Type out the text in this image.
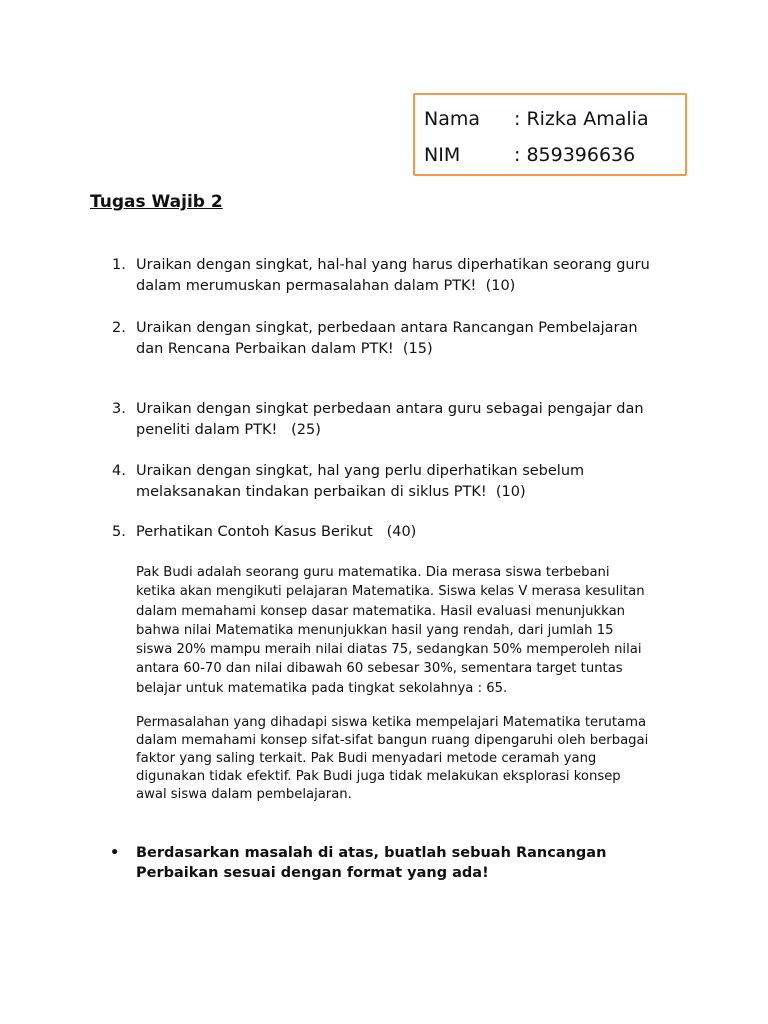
Nama : Rizka Amalia
NIM	: 859396636
Tugas Wajib 2
1. Uraikan dengan singkat, hal-hal yang harus diperhatikan seorang guru
dalam merumuskan permasalahan dalam PTK!  (10)
2. Uraikan dengan singkat, perbedaan antara Rancangan Pembelajaran
dan Rencana Perbaikan dalam PTK!  (15)
3. Uraikan dengan singkat perbedaan antara guru sebagai pengajar dan
peneliti dalam PTK!   (25)
4. Uraikan dengan singkat, hal yang perlu diperhatikan sebelum
melaksanakan tindakan perbaikan di siklus PTK!  (10)
5. Perhatikan Contoh Kasus Berikut   (40)
Pak Budi adalah seorang guru matematika. Dia merasa siswa terbebani
ketika akan mengikuti pelajaran Matematika. Siswa kelas V merasa kesulitan
dalam memahami konsep dasar matematika. Hasil evaluasi menunjukkan
bahwa nilai Matematika menunjukkan hasil yang rendah, dari jumlah 15
siswa 20% mampu meraih nilai diatas 75, sedangkan 50% memperoleh nilai
antara 60-70 dan nilai dibawah 60 sebesar 30%, sementara target tuntas
belajar untuk matematika pada tingkat sekolahnya : 65.
Permasalahan yang dihadapi siswa ketika mempelajari Matematika terutama
dalam memahami konsep sifat-sifat bangun ruang dipengaruhi oleh berbagai
faktor yang saling terkait. Pak Budi menyadari metode ceramah yang
digunakan tidak efektif. Pak Budi juga tidak melakukan eksplorasi konsep
awal siswa dalam pembelajaran.
• Berdasarkan masalah di atas, buatlah sebuah Rancangan
Perbaikan sesuai dengan format yang ada!
